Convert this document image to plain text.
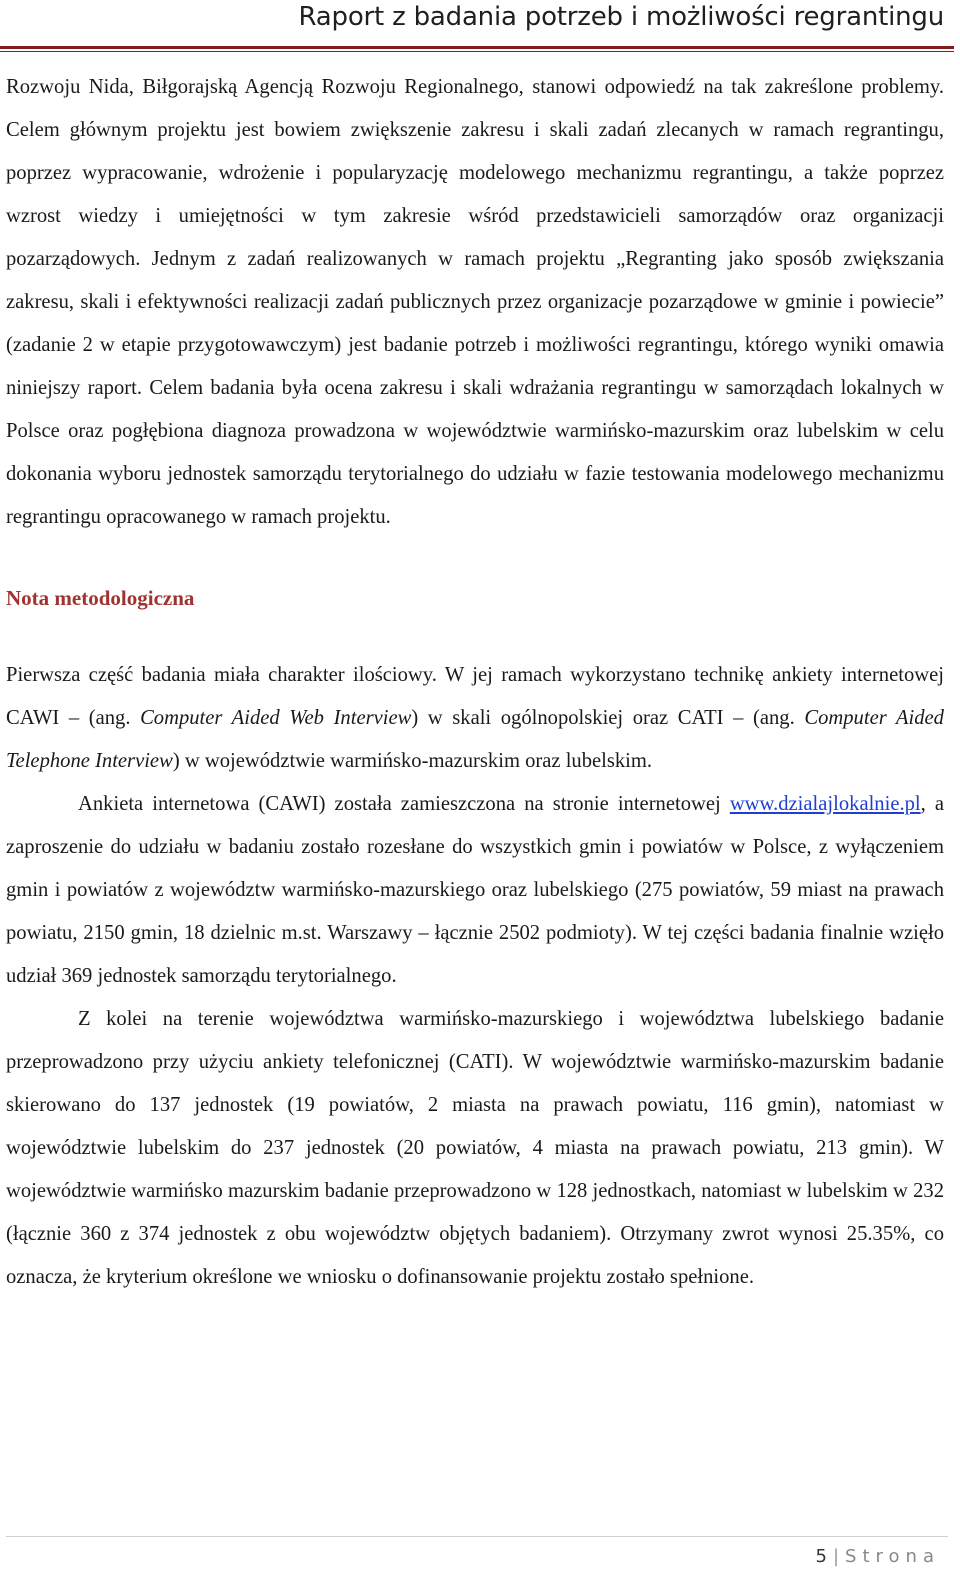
Raport z badania potrzeb i możliwości regrantingu

Rozwoju Nida, Biłgorajską Agencją Rozwoju Regionalnego, stanowi odpowiedź na tak zakreślone problemy. Celem głównym projektu jest bowiem zwiększenie zakresu i skali zadań zlecanych w ramach regrantingu, poprzez wypracowanie, wdrożenie i popularyzację modelowego mechanizmu regrantingu, a także poprzez wzrost wiedzy i umiejętności w tym zakresie wśród przedstawicieli samorządów oraz organizacji pozarządowych. Jednym z zadań realizowanych w ramach projektu „Regranting jako sposób zwiększania zakresu, skali i efektywności realizacji zadań publicznych przez organizacje pozarządowe w gminie i powiecie” (zadanie 2 w etapie przygotowawczym) jest badanie potrzeb i możliwości regrantingu, którego wyniki omawia niniejszy raport. Celem badania była ocena zakresu i skali wdrażania regrantingu w samorządach lokalnych w Polsce oraz pogłębiona diagnoza prowadzona w województwie warmińsko-mazurskim oraz lubelskim w celu dokonania wyboru jednostek samorządu terytorialnego do udziału w fazie testowania modelowego mechanizmu regrantingu opracowanego w ramach projektu.

Nota metodologiczna

Pierwsza część badania miała charakter ilościowy. W jej ramach wykorzystano technikę ankiety internetowej CAWI – (ang. Computer Aided Web Interview) w skali ogólnopolskiej oraz CATI – (ang. Computer Aided Telephone Interview) w województwie warmińsko-mazurskim oraz lubelskim.

Ankieta internetowa (CAWI) została zamieszczona na stronie internetowej www.dzialajlokalnie.pl, a zaproszenie do udziału w badaniu zostało rozesłane do wszystkich gmin i powiatów w Polsce, z wyłączeniem gmin i powiatów z województw warmińsko-mazurskiego oraz lubelskiego (275 powiatów, 59 miast na prawach powiatu, 2150 gmin, 18 dzielnic m.st. Warszawy – łącznie 2502 podmioty). W tej części badania finalnie wzięło udział 369 jednostek samorządu terytorialnego.

Z kolei na terenie województwa warmińsko-mazurskiego i województwa lubelskiego badanie przeprowadzono przy użyciu ankiety telefonicznej (CATI). W województwie warmińsko-mazurskim badanie skierowano do 137 jednostek (19 powiatów, 2 miasta na prawach powiatu, 116 gmin), natomiast w województwie lubelskim do 237 jednostek (20 powiatów, 4 miasta na prawach powiatu, 213 gmin). W województwie warmińsko mazurskim badanie przeprowadzono w 128 jednostkach, natomiast w lubelskim w 232 (łącznie 360 z 374 jednostek z obu województw objętych badaniem). Otrzymany zwrot wynosi 25.35%, co oznacza, że kryterium określone we wniosku o dofinansowanie projektu zostało spełnione.

5 | Strona
